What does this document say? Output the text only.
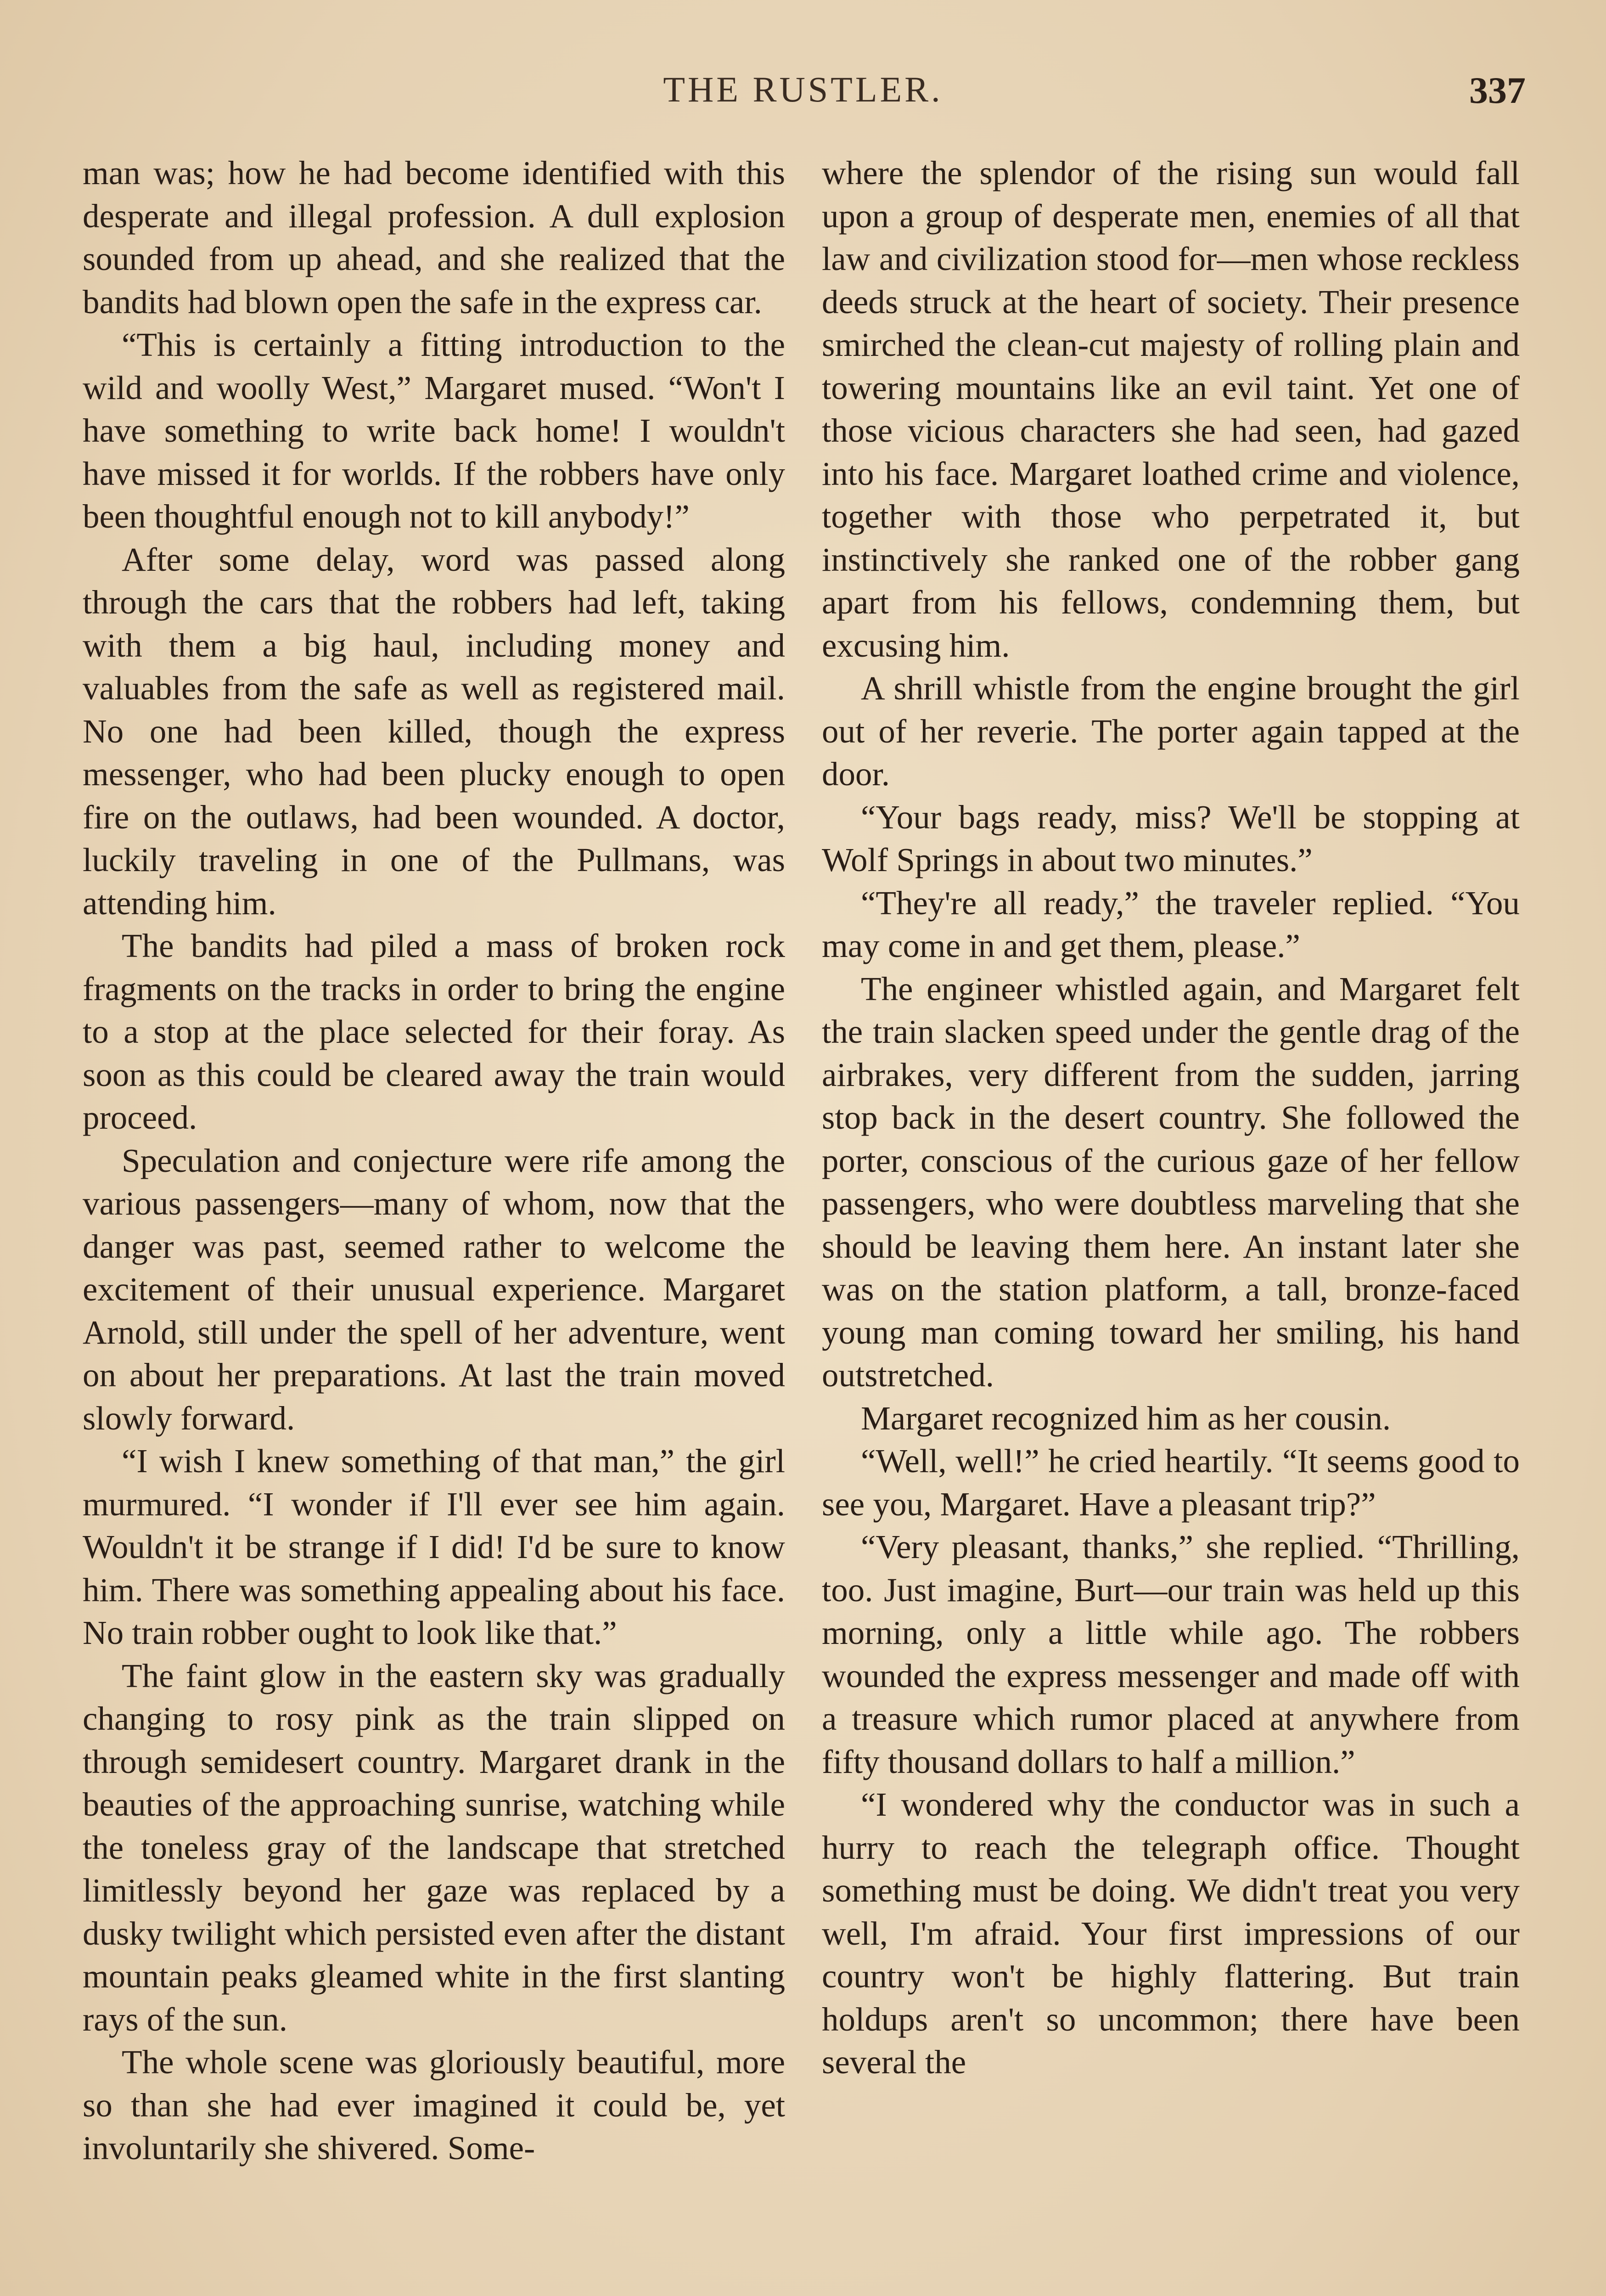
THE RUSTLER.	337

man was; how he had become identified with this desperate and illegal profession. A dull explosion sounded from up ahead, and she realized that the bandits had blown open the safe in the express car.

“This is certainly a fitting introduction to the wild and woolly West,” Margaret mused. “Won't I have something to write back home! I wouldn't have missed it for worlds. If the robbers have only been thoughtful enough not to kill anybody!”

After some delay, word was passed along through the cars that the robbers had left, taking with them a big haul, including money and valuables from the safe as well as registered mail. No one had been killed, though the express messenger, who had been plucky enough to open fire on the outlaws, had been wounded. A doctor, luckily traveling in one of the Pullmans, was attending him.

The bandits had piled a mass of broken rock fragments on the tracks in order to bring the engine to a stop at the place selected for their foray. As soon as this could be cleared away the train would proceed.

Speculation and conjecture were rife among the various passengers—many of whom, now that the danger was past, seemed rather to welcome the excitement of their unusual experience. Margaret Arnold, still under the spell of her adventure, went on about her preparations. At last the train moved slowly forward.

“I wish I knew something of that man,” the girl murmured. “I wonder if I'll ever see him again. Wouldn't it be strange if I did! I'd be sure to know him. There was something appealing about his face. No train robber ought to look like that.”

The faint glow in the eastern sky was gradually changing to rosy pink as the train slipped on through semidesert country. Margaret drank in the beauties of the approaching sunrise, watching while the toneless gray of the landscape that stretched limitlessly beyond her gaze was replaced by a dusky twilight which persisted even after the distant mountain peaks gleamed white in the first slanting rays of the sun.

The whole scene was gloriously beautiful, more so than she had ever imagined it could be, yet involuntarily she shivered. Some-

where the splendor of the rising sun would fall upon a group of desperate men, enemies of all that law and civilization stood for—men whose reckless deeds struck at the heart of society. Their presence smirched the clean-cut majesty of rolling plain and towering mountains like an evil taint. Yet one of those vicious characters she had seen, had gazed into his face. Margaret loathed crime and violence, together with those who perpetrated it, but instinctively she ranked one of the robber gang apart from his fellows, condemning them, but excusing him.

A shrill whistle from the engine brought the girl out of her reverie. The porter again tapped at the door.

“Your bags ready, miss? We'll be stopping at Wolf Springs in about two minutes.”

“They're all ready,” the traveler replied. “You may come in and get them, please.”

The engineer whistled again, and Margaret felt the train slacken speed under the gentle drag of the airbrakes, very different from the sudden, jarring stop back in the desert country. She followed the porter, conscious of the curious gaze of her fellow passengers, who were doubtless marveling that she should be leaving them here. An instant later she was on the station platform, a tall, bronze-faced young man coming toward her smiling, his hand outstretched.

Margaret recognized him as her cousin.

“Well, well!” he cried heartily. “It seems good to see you, Margaret. Have a pleasant trip?”

“Very pleasant, thanks,” she replied. “Thrilling, too. Just imagine, Burt—our train was held up this morning, only a little while ago. The robbers wounded the express messenger and made off with a treasure which rumor placed at anywhere from fifty thousand dollars to half a million.”

“I wondered why the conductor was in such a hurry to reach the telegraph office. Thought something must be doing. We didn't treat you very well, I'm afraid. Your first impressions of our country won't be highly flattering. But train holdups aren't so uncommon; there have been several the
